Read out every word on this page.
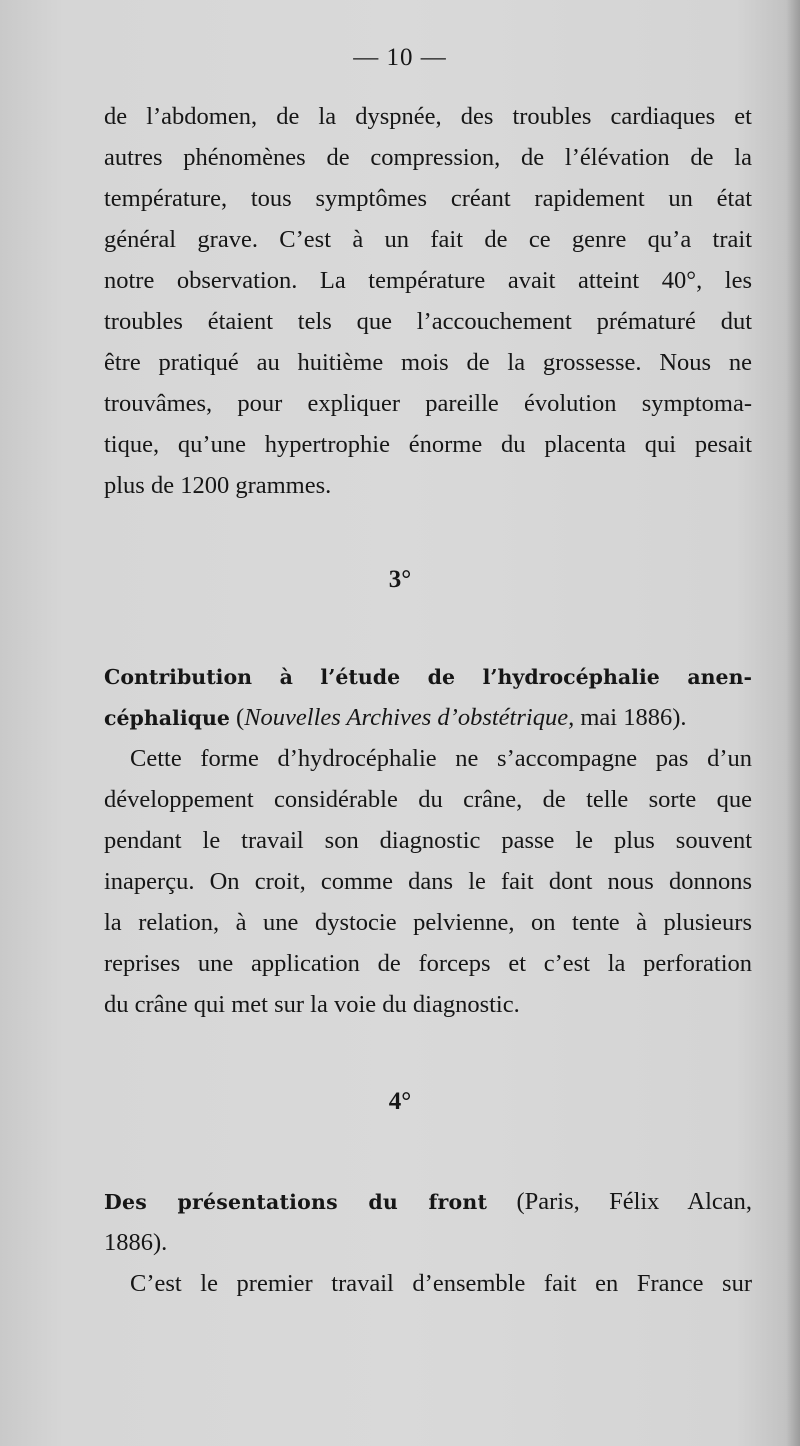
— 10 —
de l’abdomen, de la dyspnée, des troubles cardiaques et
autres phénomènes de compression, de l’élévation de la
température, tous symptômes créant rapidement un état
général grave. C’est à un fait de ce genre qu’a trait
notre observation. La température avait atteint 40°, les
troubles étaient tels que l’accouchement prématuré dut
être pratiqué au huitième mois de la grossesse. Nous ne
trouvâmes, pour expliquer pareille évolution symptoma-
tique, qu’une hypertrophie énorme du placenta qui pesait
plus de 1200 grammes.
3°
Contribution à l’étude de l’hydrocéphalie anen-
céphalique (Nouvelles Archives d’obstétrique, mai 1886).
Cette forme d’hydrocéphalie ne s’accompagne pas d’un
développement considérable du crâne, de telle sorte que
pendant le travail son diagnostic passe le plus souvent
inaperçu. On croit, comme dans le fait dont nous donnons
la relation, à une dystocie pelvienne, on tente à plusieurs
reprises une application de forceps et c’est la perforation
du crâne qui met sur la voie du diagnostic.
4°
Des présentations du front (Paris, Félix Alcan,
1886).
C’est le premier travail d’ensemble fait en France sur
